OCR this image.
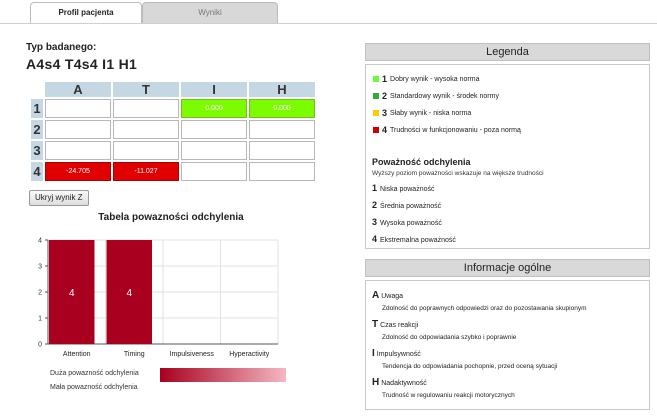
Profil pacjenta	Wyniki
Typ badanego:
A4s4 T4s4 I1 H1
	A	T	I	H
1			0.000	0.000
2				
3				
4	-24.705	-11.027		
Ukryj wynik Z
Tabela powazności odchylenia
0
1
2
3
4
4
Attention
4
Timing	Impulsiveness Hyperactivity
Duża powazność odchylenia
Mała powazność odchylenia
Legenda
1 Dobry wynik - wysoka norma
2 Standardowy wynik - środek normy
3 Słaby wynik - niska norma
4 Trudności w funkcjonowaniu - poza normą
Poważność odchylenia
Wyższy poziom poważności wskazuje na większe trudności
1 Niska poważność
2 Średnia poważność
3 Wysoka poważność
4 Ekstremalna poważność
Informacje ogólne
A Uwaga
Zdolność do poprawnych odpowiedzi oraz do pozostawania skupionym
T Czas reakcji
Zdolność do odpowiadania szybko i poprawnie
I Impulsywność
Tendencja do odpowiadania pochopnie, przed oceną sytuacji
H Nadaktywność
Trudność w regulowaniu reakcji motorycznych
